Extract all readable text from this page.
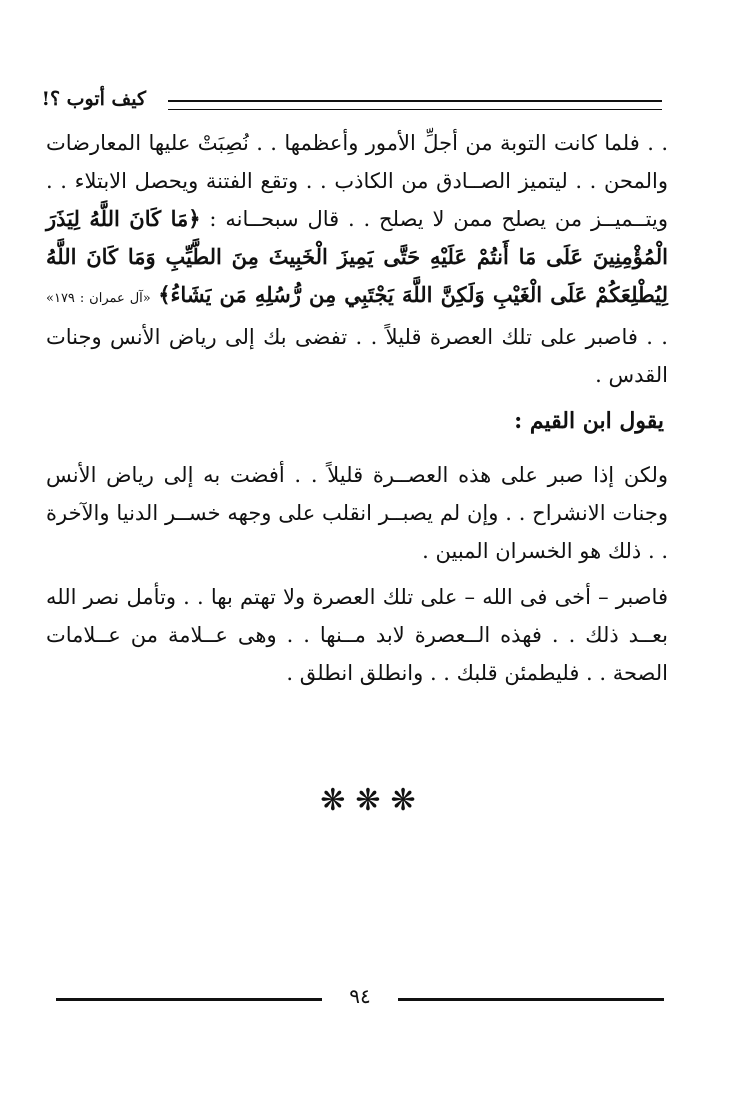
كيف أتوب ؟!
. . فلما كانت التوبة من أجلِّ الأمور وأعظمها . . نُصِبَتْ عليها المعارضات والمحن . . ليتميز الصــادق من الكاذب . . وتقع الفتنة ويحصل الابتلاء . . ويتــميــز من يصلح ممن لا يصلح . . قال سبحــانه : ﴿مَا كَانَ اللَّهُ لِيَذَرَ الْمُؤْمِنِينَ عَلَى مَا أَنتُمْ عَلَيْهِ حَتَّى يَمِيزَ الْخَبِيثَ مِنَ الطَّيِّبِ وَمَا كَانَ اللَّهُ لِيُطْلِعَكُمْ عَلَى الْغَيْبِ وَلَكِنَّ اللَّهَ يَجْتَبِي مِن رُّسُلِهِ مَن يَشَاءُ﴾ «آل عمران : ١٧٩» . . فاصبر على تلك العصرة قليلاً . . تفضى بك إلى رياض الأنس وجنات القدس .
يقول ابن القيم :
ولكن إذا صبر على هذه العصــرة قليلاً . . أفضت به إلى رياض الأنس وجنات الانشراح . . وإن لم يصبــر انقلب على وجهه خســر الدنيا والآخرة . . ذلك هو الخسران المبين .
فاصبر – أخى فى الله – على تلك العصرة ولا تهتم بها . . وتأمل نصر الله بعــد ذلك . . فهذه الــعصرة لابد مــنها . . وهى عــلامة من عــلامات الصحة . . فليطمئن قلبك . . وانطلق انطلق .
❋❋❋
٩٤
